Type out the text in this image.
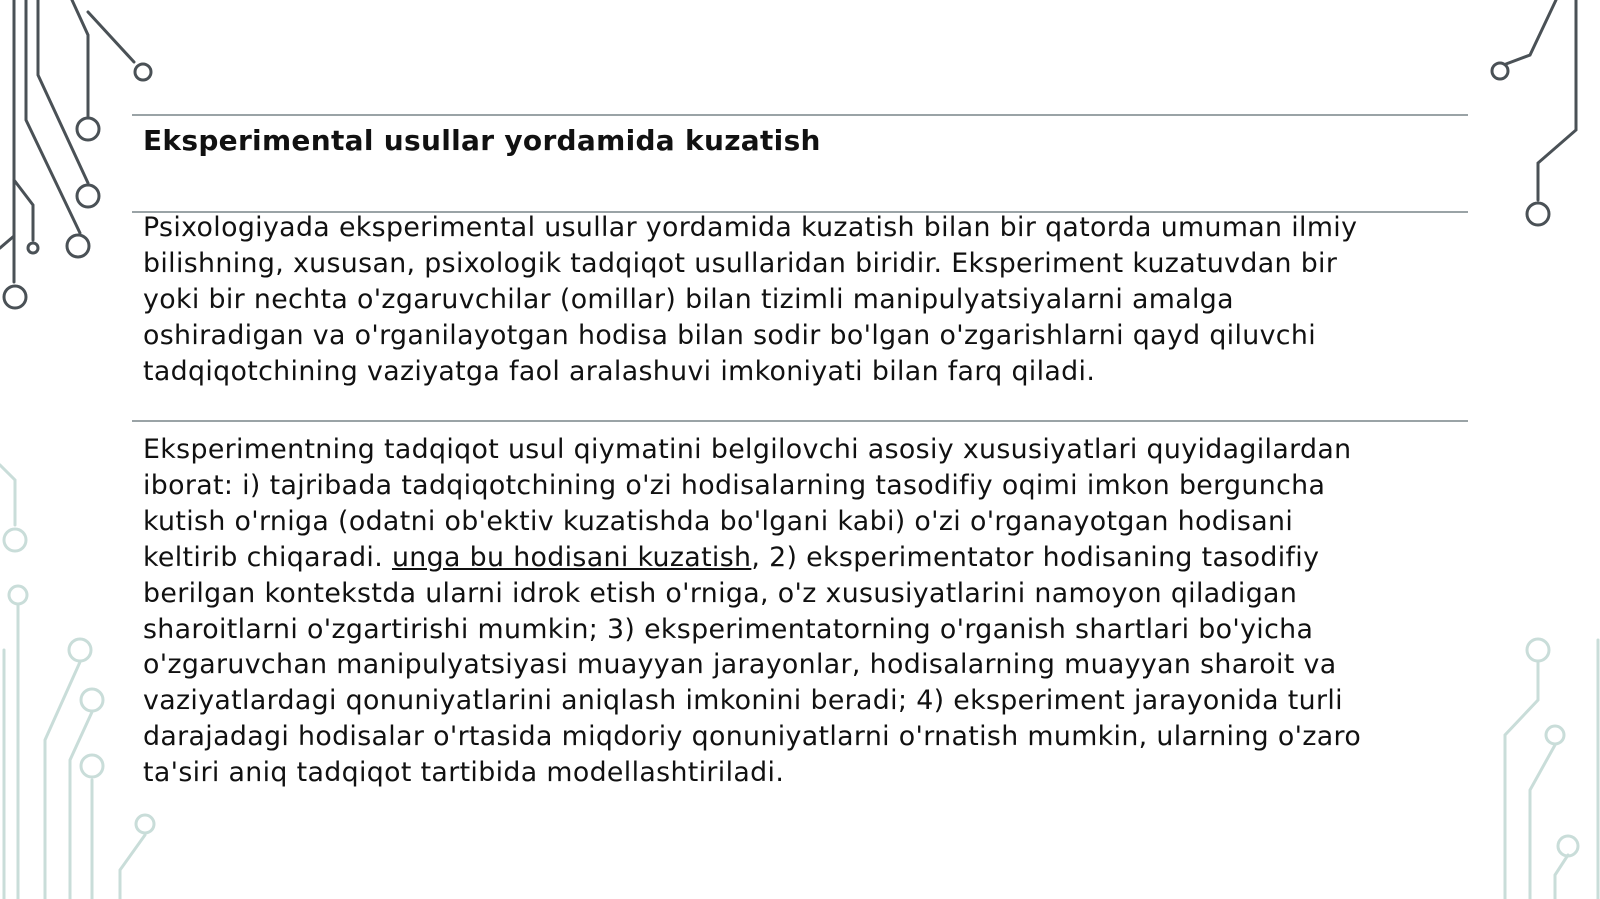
Eksperimental usullar yordamida kuzatish

Psixologiyada eksperimental usullar yordamida kuzatish bilan bir qatorda umuman ilmiy
bilishning, xususan, psixologik tadqiqot usullaridan biridir. Eksperiment kuzatuvdan bir
yoki bir nechta o'zgaruvchilar (omillar) bilan tizimli manipulyatsiyalarni amalga
oshiradigan va o'rganilayotgan hodisa bilan sodir bo'lgan o'zgarishlarni qayd qiluvchi
tadqiqotchining vaziyatga faol aralashuvi imkoniyati bilan farq qiladi.

Eksperimentning tadqiqot usul qiymatini belgilovchi asosiy xususiyatlari quyidagilardan
iborat: i) tajribada tadqiqotchining o'zi hodisalarning tasodifiy oqimi imkon berguncha
kutish o'rniga (odatni ob'ektiv kuzatishda bo'lgani kabi) o'zi o'rganayotgan hodisani
keltirib chiqaradi. unga bu hodisani kuzatish, 2) eksperimentator hodisaning tasodifiy
berilgan kontekstda ularni idrok etish o'rniga, o'z xususiyatlarini namoyon qiladigan
sharoitlarni o'zgartirishi mumkin; 3) eksperimentatorning o'rganish shartlari bo'yicha
o'zgaruvchan manipulyatsiyasi muayyan jarayonlar, hodisalarning muayyan sharoit va
vaziyatlardagi qonuniyatlarini aniqlash imkonini beradi; 4) eksperiment jarayonida turli
darajadagi hodisalar o'rtasida miqdoriy qonuniyatlarni o'rnatish mumkin, ularning o'zaro
ta'siri aniq tadqiqot tartibida modellashtiriladi.
